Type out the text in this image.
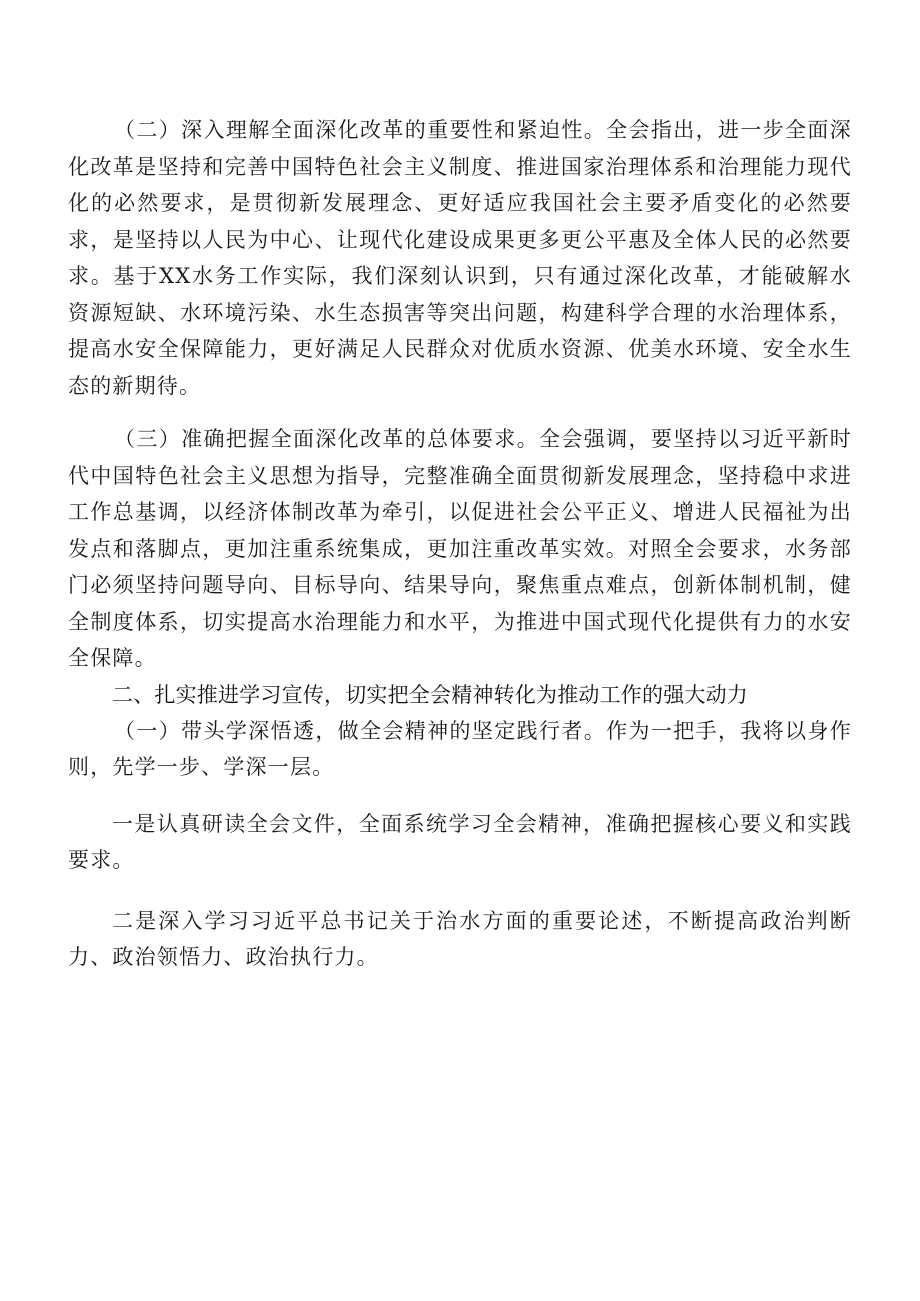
（二）深入理解全面深化改革的重要性和紧迫性。全会指出，进一步全面深化改革是坚持和完善中国特色社会主义制度、推进国家治理体系和治理能力现代化的必然要求，是贯彻新发展理念、更好适应我国社会主要矛盾变化的必然要求，是坚持以人民为中心、让现代化建设成果更多更公平惠及全体人民的必然要求。基于XX水务工作实际，我们深刻认识到，只有通过深化改革，才能破解水资源短缺、水环境污染、水生态损害等突出问题，构建科学合理的水治理体系，提高水安全保障能力，更好满足人民群众对优质水资源、优美水环境、安全水生态的新期待。

（三）准确把握全面深化改革的总体要求。全会强调，要坚持以习近平新时代中国特色社会主义思想为指导，完整准确全面贯彻新发展理念，坚持稳中求进工作总基调，以经济体制改革为牵引，以促进社会公平正义、增进人民福祉为出发点和落脚点，更加注重系统集成，更加注重改革实效。对照全会要求，水务部门必须坚持问题导向、目标导向、结果导向，聚焦重点难点，创新体制机制，健全制度体系，切实提高水治理能力和水平，为推进中国式现代化提供有力的水安全保障。

二、扎实推进学习宣传，切实把全会精神转化为推动工作的强大动力

（一）带头学深悟透，做全会精神的坚定践行者。作为一把手，我将以身作则，先学一步、学深一层。

一是认真研读全会文件，全面系统学习全会精神，准确把握核心要义和实践要求。

二是深入学习习近平总书记关于治水方面的重要论述，不断提高政治判断力、政治领悟力、政治执行力。
